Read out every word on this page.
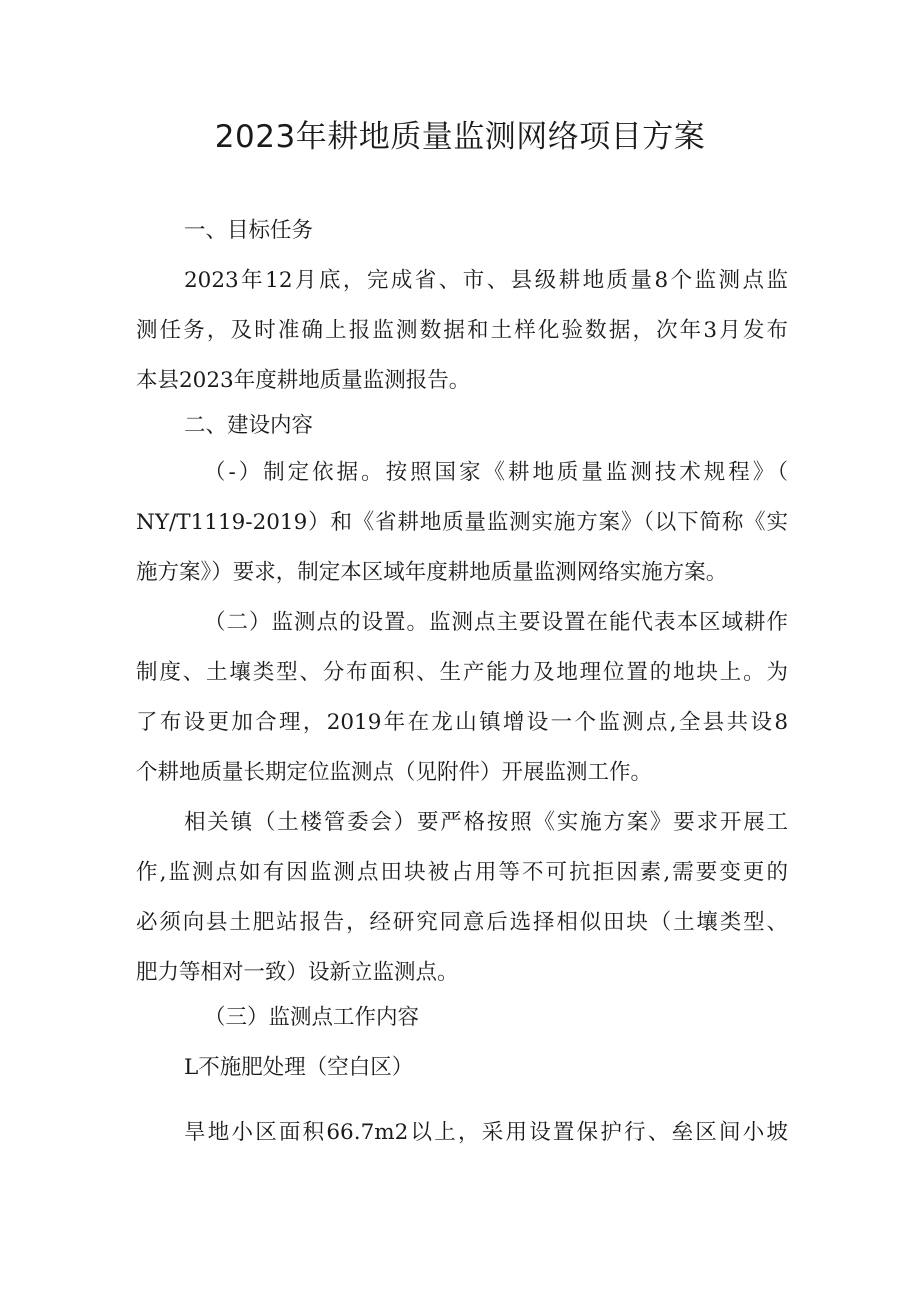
2023年耕地质量监测网络项目方案

一、目标任务

2023年12月底，完成省、市、县级耕地质量8个监测点监

测任务，及时准确上报监测数据和土样化验数据，次年3月发布

本县2023年度耕地质量监测报告。

二、建设内容

（-）制定依据。按照国家《耕地质量监测技术规程》（

NY/T1119-2019）和《省耕地质量监测实施方案》（以下简称《实

施方案》）要求，制定本区域年度耕地质量监测网络实施方案。

（二）监测点的设置。监测点主要设置在能代表本区域耕作

制度、土壤类型、分布面积、生产能力及地理位置的地块上。为

了布设更加合理，2019年在龙山镇增设一个监测点,全县共设8

个耕地质量长期定位监测点（见附件）开展监测工作。

相关镇（土楼管委会）要严格按照《实施方案》要求开展工

作,监测点如有因监测点田块被占用等不可抗拒因素,需要变更的

必须向县土肥站报告，经研究同意后选择相似田块（土壤类型、

肥力等相对一致）设新立监测点。

（三）监测点工作内容

L不施肥处理（空白区）

旱地小区面积66.7m2以上，采用设置保护行、垒区间小坡
